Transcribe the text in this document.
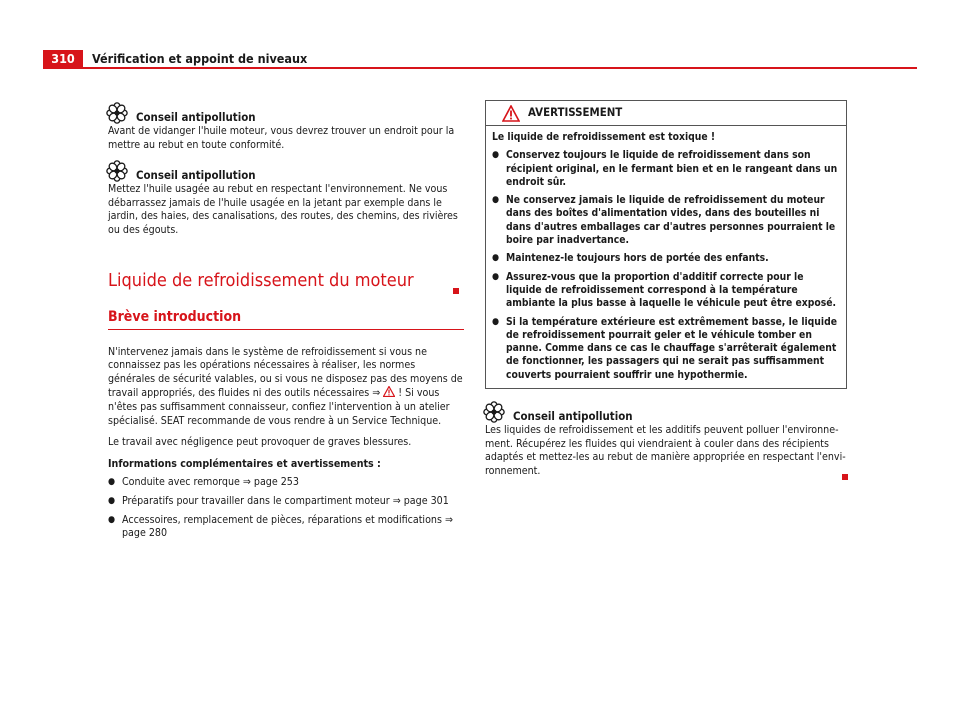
310	Vérification et appoint de niveaux
Conseil antipollution

Avant de vidanger l'huile moteur, vous devrez trouver un endroit pour la mettre au rebut en toute conformité.

Conseil antipollution

Mettez l'huile usagée au rebut en respectant l'environnement. Ne vous débarrassez jamais de l'huile usagée en la jetant par exemple dans le jardin, des haies, des canalisations, des routes, des chemins, des rivières ou des égouts.

Liquide de refroidissement du moteur
Brève introduction

N'intervenez jamais dans le système de refroidissement si vous ne connaissez pas les opérations nécessaires à réaliser, les normes générales de sécurité valables, ou si vous ne disposez pas des moyens de travail appropriés, des fluides ni des outils nécessaires ⇒  ! Si vous n'êtes pas suffisamment connaisseur, confiez l'intervention à un atelier spécialisé. SEAT recommande de vous rendre à un Service Technique.

Le travail avec négligence peut provoquer de graves blessures.

Informations complémentaires et avertissements :

● Conduite avec remorque ⇒ page 253
● Préparatifs pour travailler dans le compartiment moteur ⇒ page 301
● Accessoires, remplacement de pièces, réparations et modifications ⇒ page 280
AVERTISSEMENT

Le liquide de refroidissement est toxique !

● Conservez toujours le liquide de refroidissement dans son récipient original, en le fermant bien et en le rangeant dans un endroit sûr.
● Ne conservez jamais le liquide de refroidissement du moteur dans des boîtes d'alimentation vides, dans des bouteilles ni dans d'autres emballages car d'autres personnes pourraient le boire par inadvertance.
● Maintenez-le toujours hors de portée des enfants.
● Assurez-vous que la proportion d'additif correcte pour le liquide de refroidissement correspond à la température ambiante la plus basse à laquelle le véhicule peut être exposé.
● Si la température extérieure est extrêmement basse, le liquide de refroidissement pourrait geler et le véhicule tomber en panne. Comme dans ce cas le chauffage s'arrêterait également de fonctionner, les passagers qui ne serait pas suffisamment couverts pourraient souffrir une hypothermie.
Conseil antipollution

Les liquides de refroidissement et les additifs peuvent polluer l'environnement. Récupérez les fluides qui viendraient à couler dans des récipients adaptés et mettez-les au rebut de manière appropriée en respectant l'environnement.
